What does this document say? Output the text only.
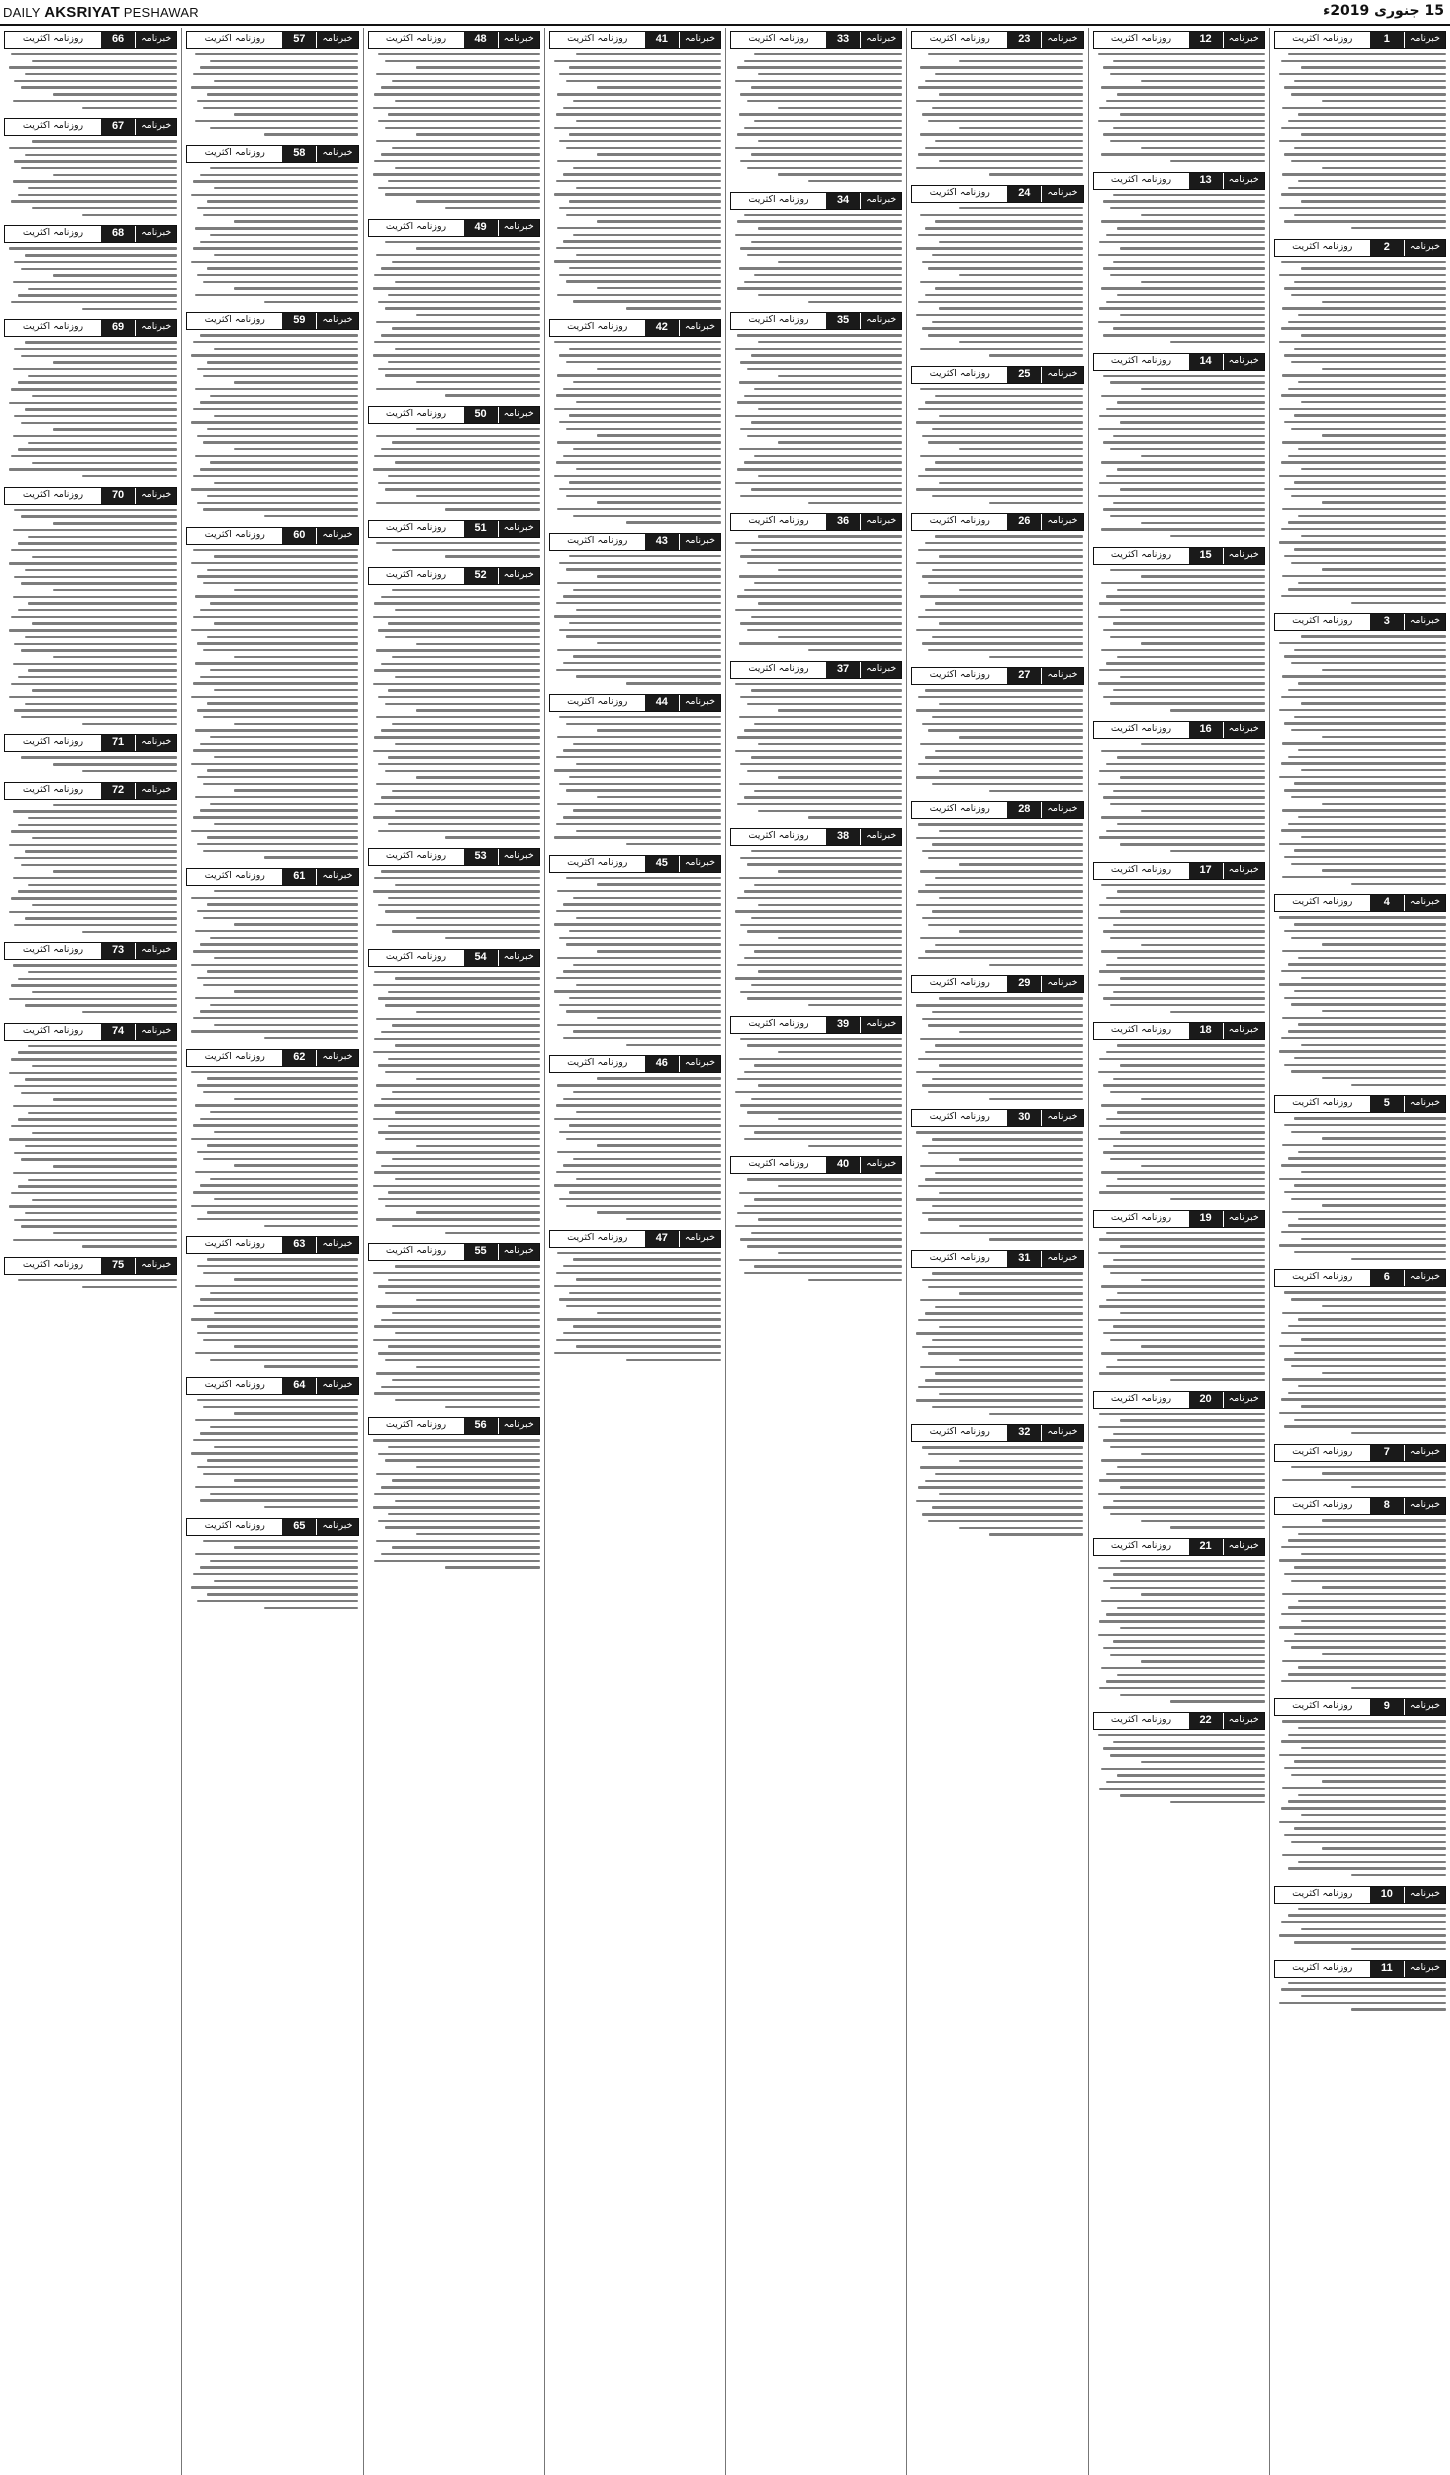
DAILY AKSRIYAT PESHAWAR	15 جنوری 2019ء
خبرنامہ
1
روزنامہ اکثریت
خبرنامہ
2
روزنامہ اکثریت
خبرنامہ
3
روزنامہ اکثریت
خبرنامہ
4
روزنامہ اکثریت
خبرنامہ
5
روزنامہ اکثریت
خبرنامہ
6
روزنامہ اکثریت
خبرنامہ
7
روزنامہ اکثریت
خبرنامہ
8
روزنامہ اکثریت
خبرنامہ
9
روزنامہ اکثریت
خبرنامہ
10
روزنامہ اکثریت
خبرنامہ
11
روزنامہ اکثریت
خبرنامہ
12
روزنامہ اکثریت
خبرنامہ
13
روزنامہ اکثریت
خبرنامہ
14
روزنامہ اکثریت
خبرنامہ
15
روزنامہ اکثریت
خبرنامہ
16
روزنامہ اکثریت
خبرنامہ
17
روزنامہ اکثریت
خبرنامہ
18
روزنامہ اکثریت
خبرنامہ
19
روزنامہ اکثریت
خبرنامہ
20
روزنامہ اکثریت
خبرنامہ
21
روزنامہ اکثریت
خبرنامہ
22
روزنامہ اکثریت
خبرنامہ
23
روزنامہ اکثریت
خبرنامہ
24
روزنامہ اکثریت
خبرنامہ
25
روزنامہ اکثریت
خبرنامہ
26
روزنامہ اکثریت
خبرنامہ
27
روزنامہ اکثریت
خبرنامہ
28
روزنامہ اکثریت
خبرنامہ
29
روزنامہ اکثریت
خبرنامہ
30
روزنامہ اکثریت
خبرنامہ
31
روزنامہ اکثریت
خبرنامہ
32
روزنامہ اکثریت
خبرنامہ
33
روزنامہ اکثریت
خبرنامہ
34
روزنامہ اکثریت
خبرنامہ
35
روزنامہ اکثریت
خبرنامہ
36
روزنامہ اکثریت
خبرنامہ
37
روزنامہ اکثریت
خبرنامہ
38
روزنامہ اکثریت
خبرنامہ
39
روزنامہ اکثریت
خبرنامہ
40
روزنامہ اکثریت
خبرنامہ
41
روزنامہ اکثریت
خبرنامہ
42
روزنامہ اکثریت
خبرنامہ
43
روزنامہ اکثریت
خبرنامہ
44
روزنامہ اکثریت
خبرنامہ
45
روزنامہ اکثریت
خبرنامہ
46
روزنامہ اکثریت
خبرنامہ
47
روزنامہ اکثریت
خبرنامہ
48
روزنامہ اکثریت
خبرنامہ
49
روزنامہ اکثریت
خبرنامہ
50
روزنامہ اکثریت
خبرنامہ
51
روزنامہ اکثریت
خبرنامہ
52
روزنامہ اکثریت
خبرنامہ
53
روزنامہ اکثریت
خبرنامہ
54
روزنامہ اکثریت
خبرنامہ
55
روزنامہ اکثریت
خبرنامہ
56
روزنامہ اکثریت
خبرنامہ
57
روزنامہ اکثریت
خبرنامہ
58
روزنامہ اکثریت
خبرنامہ
59
روزنامہ اکثریت
خبرنامہ
60
روزنامہ اکثریت
خبرنامہ
61
روزنامہ اکثریت
خبرنامہ
62
روزنامہ اکثریت
خبرنامہ
63
روزنامہ اکثریت
خبرنامہ
64
روزنامہ اکثریت
خبرنامہ
65
روزنامہ اکثریت
خبرنامہ
66
روزنامہ اکثریت
خبرنامہ
67
روزنامہ اکثریت
خبرنامہ
68
روزنامہ اکثریت
خبرنامہ
69
روزنامہ اکثریت
خبرنامہ
70
روزنامہ اکثریت
خبرنامہ
71
روزنامہ اکثریت
خبرنامہ
72
روزنامہ اکثریت
خبرنامہ
73
روزنامہ اکثریت
خبرنامہ
74
روزنامہ اکثریت
خبرنامہ
75
روزنامہ اکثریت
